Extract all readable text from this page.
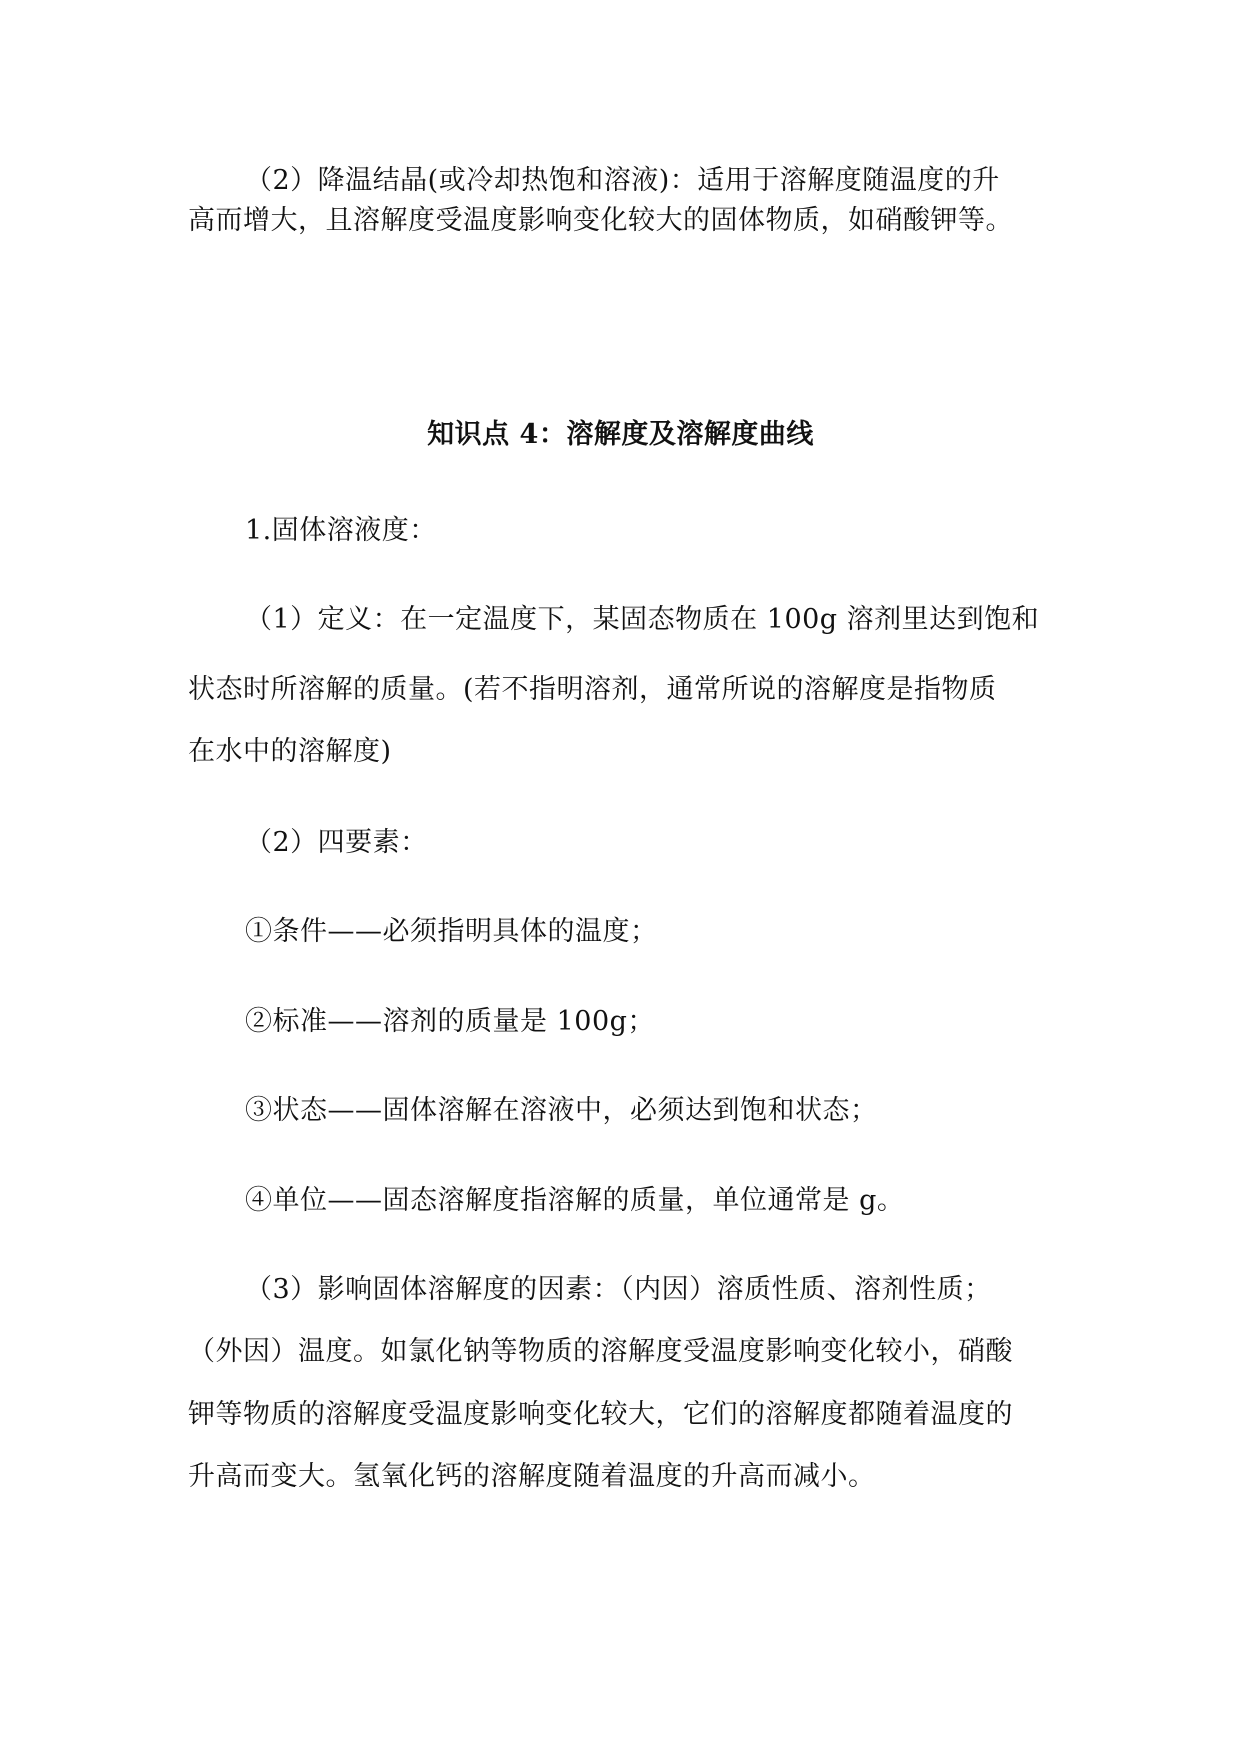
（2）降温结晶(或冷却热饱和溶液)：适用于溶解度随温度的升
高而增大，且溶解度受温度影响变化较大的固体物质，如硝酸钾等。
知识点 4：溶解度及溶解度曲线
1.固体溶液度：
（1）定义：在一定温度下，某固态物质在 100g 溶剂里达到饱和
状态时所溶解的质量。(若不指明溶剂，通常所说的溶解度是指物质
在水中的溶解度)
（2）四要素：
①条件——必须指明具体的温度；
②标准——溶剂的质量是 100g；
③状态——固体溶解在溶液中，必须达到饱和状态；
④单位——固态溶解度指溶解的质量，单位通常是 g。
（3）影响固体溶解度的因素：（内因）溶质性质、溶剂性质；
（外因）温度。如氯化钠等物质的溶解度受温度影响变化较小，硝酸
钾等物质的溶解度受温度影响变化较大，它们的溶解度都随着温度的
升高而变大。氢氧化钙的溶解度随着温度的升高而减小。
